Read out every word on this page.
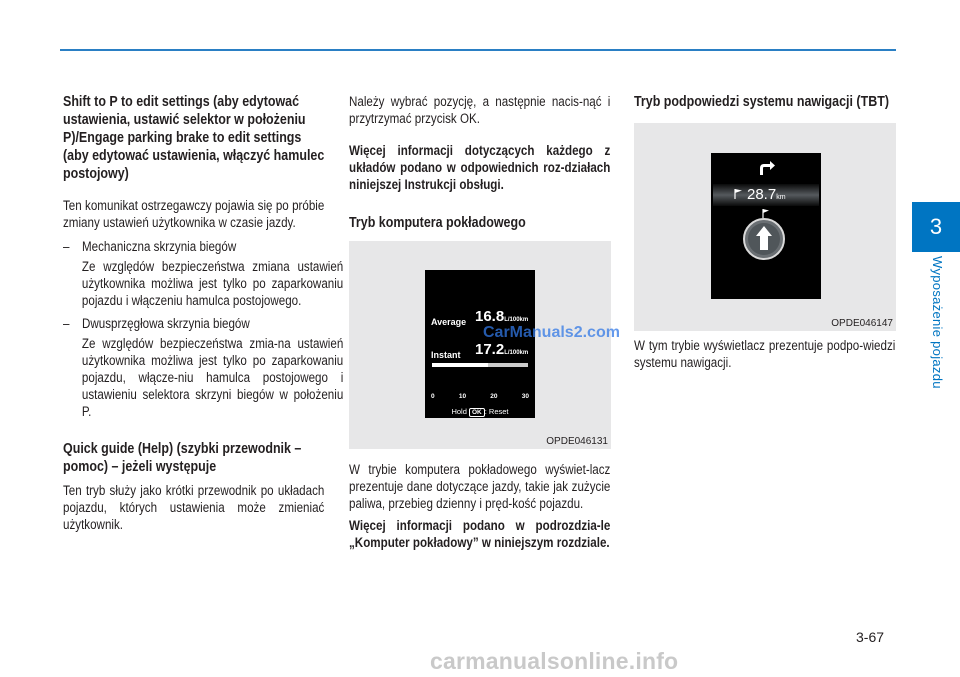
Shift to P to edit settings (aby edytować ustawienia, ustawić selektor w położeniu P)/Engage parking brake to edit settings (aby edytować ustawienia, włączyć hamulec postojowy)

Ten komunikat ostrzegawczy pojawia się po próbie zmiany ustawień użytkownika w czasie jazdy.

– Mechaniczna skrzynia biegów

Ze względów bezpieczeństwa zmiana ustawień użytkownika możliwa jest tylko po zaparkowaniu pojazdu i włączeniu hamulca postojowego.

– Dwusprzęgłowa skrzynia biegów

Ze względów bezpieczeństwa zmia-na ustawień użytkownika możliwa jest tylko po zaparkowaniu pojazdu, włącze-niu hamulca postojowego i ustawieniu selektora skrzyni biegów w położeniu P.

Quick guide (Help) (szybki przewodnik – pomoc) – jeżeli występuje

Ten tryb służy jako krótki przewodnik po układach pojazdu, których ustawienia może zmieniać użytkownik.

Należy wybrać pozycję, a następnie nacis-nąć i przytrzymać przycisk OK.

Więcej informacji dotyczących każdego z układów podano w odpowiednich roz-działach niniejszej Instrukcji obsługi.

Tryb komputera pokładowego

Average 16.8L/100km
Instant 17.2L/100km
0	10	20	30
Hold OK : Reset
CarManuals2.com
OPDE046131

W trybie komputera pokładowego wyświet-lacz prezentuje dane dotyczące jazdy, takie jak zużycie paliwa, przebieg dzienny i pręd-kość pojazdu.

Więcej informacji podano w podrozdzia-le „Komputer pokładowy” w niniejszym rozdziale.

Tryb podpowiedzi systemu nawigacji (TBT)

28.7km
OPDE046147

W tym trybie wyświetlacz prezentuje podpo-wiedzi systemu nawigacji.

3
Wyposażenie pojazdu
3-67
carmanualsonline.info
